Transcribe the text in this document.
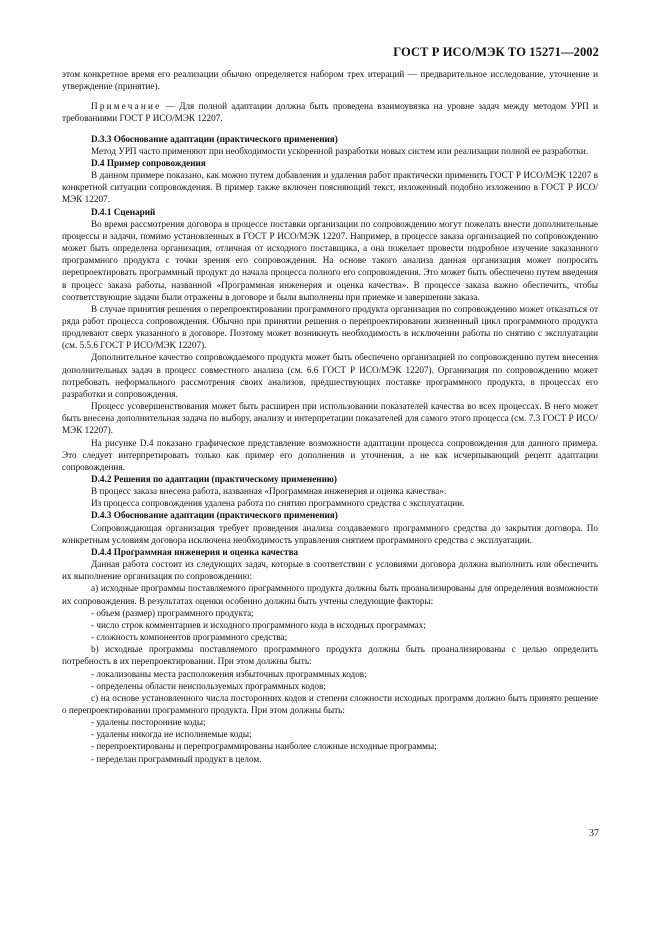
ГОСТ Р ИСО/МЭК ТО 15271—2002

этом конкретное время его реализации обычно определяется набором трех итераций — предварительное исследование, уточнение и утверждение (принятие).

Примечание — Для полной адаптации должна быть проведена взаимоувязка на уровне задач между методом УРП и требованиями ГОСТ Р ИСО/МЭК 12207.

D.3.3 Обоснование адаптации (практического применения)

Метод УРП часто применяют при необходимости ускоренной разработки новых систем или реализации полной ее разработки.

D.4 Пример сопровождения

В данном примере показано, как можно путем добавления и удаления работ практически применить ГОСТ Р ИСО/МЭК 12207 в конкретной ситуации сопровождения. В пример также включен поясняющий текст, изложенный подобно изложению в ГОСТ Р ИСО/МЭК 12207.

D.4.1 Сценарий

Во время рассмотрения договора в процессе поставки организации по сопровождению могут пожелать внести дополнительные процессы и задачи, помимо установленных в ГОСТ Р ИСО/МЭК 12207. Например, в процессе заказа организацией по сопровождению может быть определена организация, отличная от исходного поставщика, а она пожелает провести подробное изучение заказанного программного продукта с точки зрения его сопровождения. На основе такого анализа данная организация может попросить перепроектировать программный продукт до начала процесса полного его сопровождения. Это может быть обеспечено путем введения в процесс заказа работы, названной «Программная инженерия и оценка качества». В процессе заказа важно обеспечить, чтобы соответствующие задачи были отражены в договоре и были выполнены при приемке и завершении заказа.

В случае принятия решения о перепроектировании программного продукта организация по сопровождению может отказаться от ряда работ процесса сопровождения. Обычно при принятии решения о перепроектировании жизненный цикл программного продукта продлевают сверх указанного в договоре. Поэтому может возникнуть необходимость в исключении работы по снятию с эксплуатации (см. 5.5.6 ГОСТ Р ИСО/МЭК 12207).

Дополнительное качество сопровождаемого продукта может быть обеспечено организацией по сопровождению путем внесения дополнительных задач в процесс совместного анализа (см. 6.6 ГОСТ Р ИСО/МЭК 12207). Организация по сопровождению может потребовать неформального рассмотрения своих анализов, предшествующих поставке программного продукта, в процессах его разработки и сопровождения.

Процесс усовершенствования может быть расширен при использовании показателей качества во всех процессах. В него может быть внесена дополнительная задача по выбору, анализу и интерпретации показателей для самого этого процесса (см. 7.3 ГОСТ Р ИСО/МЭК 12207).

На рисунке D.4 показано графическое представление возможности адаптации процесса сопровождения для данного примера. Это следует интерпретировать только как пример его дополнения и уточнения, а не как исчерпывающий рецепт адаптации сопровождения.

D.4.2 Решения по адаптации (практическому применению)

В процесс заказа внесена работа, названная «Программная инженерия и оценка качества».

Из процесса сопровождения удалена работа по снятию программного средства с эксплуатации.

D.4.3 Обоснование адаптации (практического применения)

Сопровождающая организация требует проведения анализа создаваемого программного средства до закрытия договора. По конкретным условиям договора исключена необходимость управления снятием программного средства с эксплуатации.

D.4.4 Программная инженерия и оценка качества

Данная работа состоит из следующих задач, которые в соответствии с условиями договора должна выполнить или обеспечить их выполнение организация по сопровождению:

а) исходные программы поставляемого программного продукта должны быть проанализированы для определения возможности их сопровождения. В результатах оценки особенно должны быть учтены следующие факторы:

- объем (размер) программного продукта;

- число строк комментариев и исходного программного кода в исходных программах;

- сложность компонентов программного средства;

b) исходные программы поставляемого программного продукта должны быть проанализированы с целью определить потребность в их перепроектировании. При этом должны быть:

- локализованы места расположения избыточных программных кодов;

- определены области неиспользуемых программных кодов;

с) на основе установленного числа посторонних кодов и степени сложности исходных программ должно быть принято решение о перепроектировании программного продукта. При этом должны быть:

- удалены посторонние коды;

- удалены никогда не исполняемые коды;

- перепроектированы и перепрограммированы наиболее сложные исходные программы;

- переделан программный продукт в целом.

37
